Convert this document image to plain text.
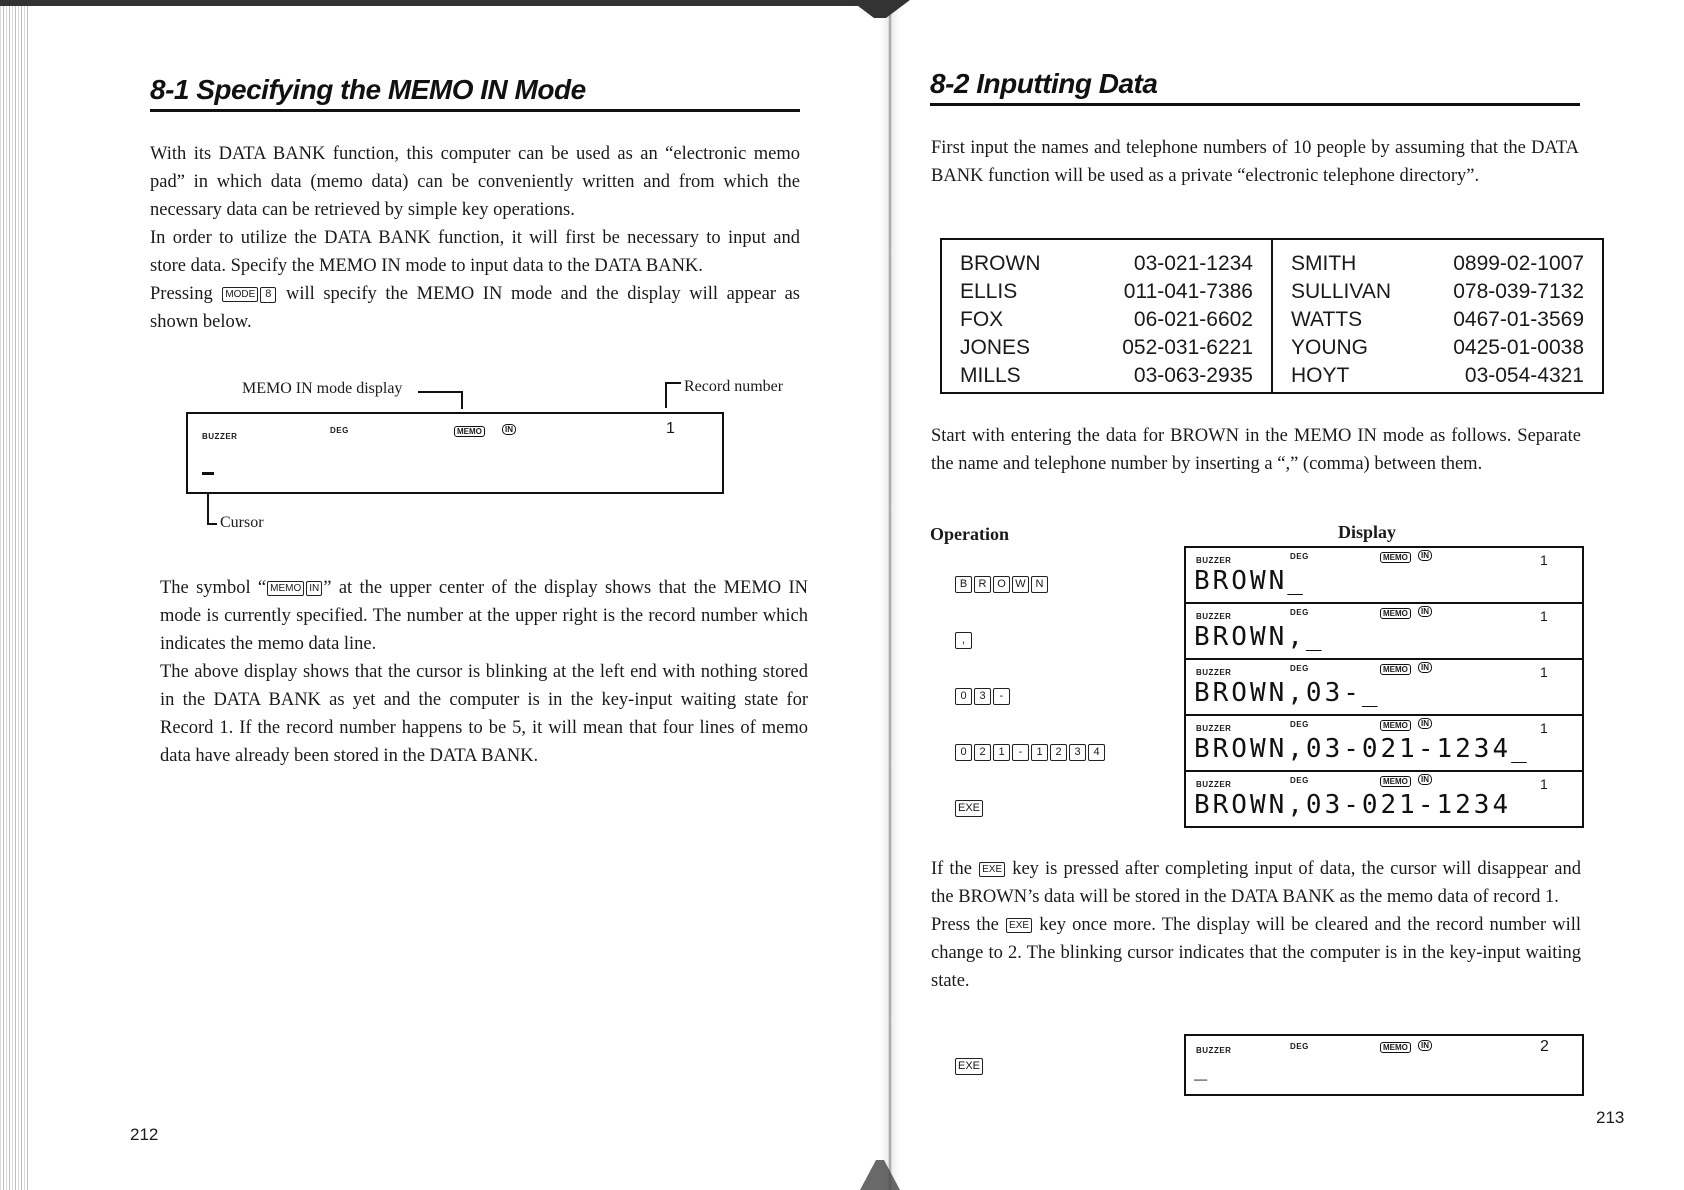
8-1 Specifying the MEMO IN Mode

With its DATA BANK function, this computer can be used as an “electronic memo pad” in which data (memo data) can be conveniently written and from which the necessary data can be retrieved by simple key operations.

In order to utilize the DATA BANK function, it will first be necessary to input and store data. Specify the MEMO IN mode to input data to the DATA BANK.

Pressing MODE 8 will specify the MEMO IN mode and the display will appear as shown below.

MEMO IN mode display	Record number
BUZZER
DEG	MEMO	IN	1
Cursor

The symbol “ MEMO IN ” at the upper center of the display shows that the MEMO IN mode is currently specified. The number at the upper right is the record number which indicates the memo data line.

The above display shows that the cursor is blinking at the left end with nothing stored in the DATA BANK as yet and the computer is in the key-input waiting state for Record 1. If the record number happens to be 5, it will mean that four lines of memo data have already been stored in the DATA BANK.

212
8-2 Inputting Data

First input the names and telephone numbers of 10 people by assuming that the DATA BANK function will be used as a private “electronic telephone directory”.

BROWN	03-021-1234
ELLIS	011-041-7386
FOX	06-021-6602
JONES	052-031-6221
MILLS	03-063-2935
SMITH	0899-02-1007
SULLIVAN	078-039-7132
WATTS	0467-01-3569
YOUNG	0425-01-0038
HOYT	03-054-4321

Start with entering the data for BROWN in the MEMO IN mode as follows. Separate the name and telephone number by inserting a “,” (comma) between them.

Operation	Display
B R O W N
BUZZER	DEG	MEMO	IN	1
BROWN_
,
BUZZER	DEG	MEMO	IN	1
BROWN,_
0 3 -
BUZZER	DEG	MEMO	IN	1
BROWN,03-_
0 2 1 - 1 2 3 4
BUZZER	DEG	MEMO	IN	1
BROWN,03-021-1234_
EXE
BUZZER	DEG	MEMO	IN	1
BROWN,03-021-1234

If the EXE key is pressed after completing input of data, the cursor will disappear and the BROWN’s data will be stored in the DATA BANK as the memo data of record 1.

Press the EXE key once more. The display will be cleared and the record number will change to 2. The blinking cursor indicates that the computer is in the key-input waiting state.

EXE
BUZZER	DEG	MEMO	IN	2
_
213
